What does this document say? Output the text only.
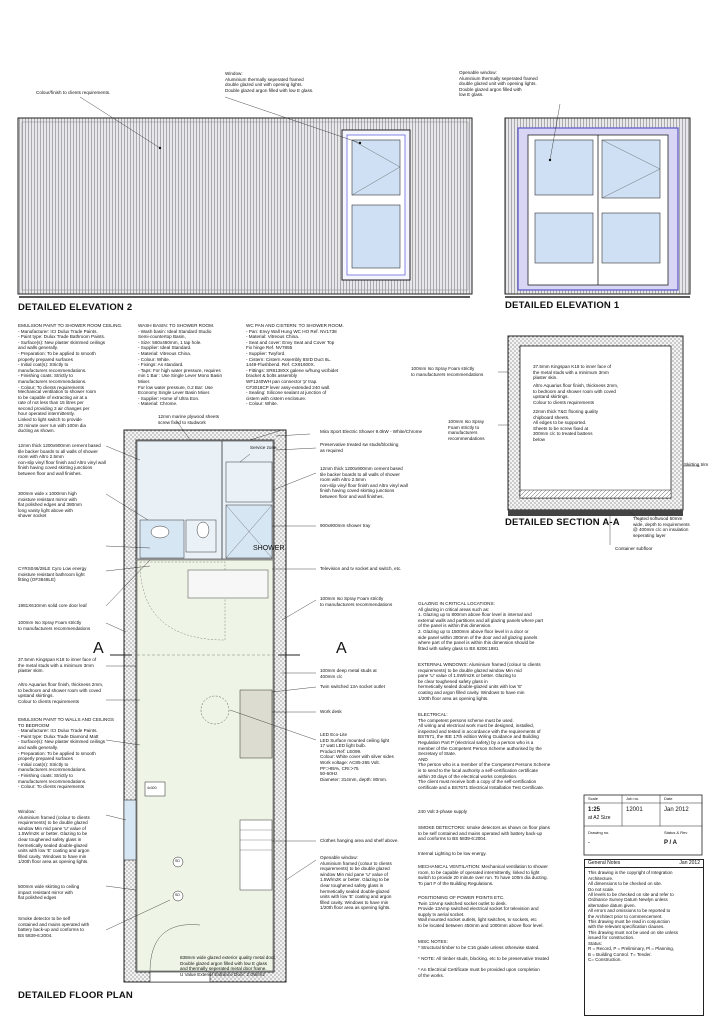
Colour/finish to clients requirements.
Window:
Aluminium thermally seperated framed
double glazed unit with opening lights.
Double glazed argon filled with low E glass.
DETAILED ELEVATION 2
Openable window:
Aluminium thermally seperated framed
double glazed unit with opening lights.
Double glazed argon filled with
low E glass.
DETAILED ELEVATION 1
100mm Iso Spray Foam strictly
to manufacturers recommendations
37.5mm Kingspan K18 to inner face of
the metal studs with a minimum 3mm
plaster skin.
Altro Aquarius floor finish, thickness 2mm,
to bedroom and shower room with coved
upstand skirtings.
Colour to clients requirements
22mm thick T&G flooring quality
chipboard sheets.
All edges to be supported.
Sheets to be screw fixed at
300mm c/c to treated battens
below
100mm Iso Spray
Foam strictly to
manufacturers
recommendations
Skirting trim
Treated softwood 50mm
wide, depth to requirements
@ 400mm c/c on insulation
seperating layer
Container subfloor
DETAILED SECTION A-A
EMULSION PAINT TO SHOWER ROOM CEILING.
- Manufacturer: ICI Dulux Trade Paints.
- Paint type: Dulux Trade Bathroom Paints.
- Surface(s): New plaster skimmed ceilings
and walls generally.
- Preparation: To be applied to smooth
properly prepared surfaces
- Initial coat(s): Strictly to
manufacturers recommendations.
- Finishing coats: Strictly to
manufacturers recommendations.
- Colour: To clients requirements
WASH BASIN: TO SHOWER ROOM.
- Wash basin: Ideal Standard Studio
Semi-countertop Basin,
- Size: 560x460mm, 1 tap hole.
- Supplier: Ideal Standard.
- Material: Vitreous China.
- Colour: White.
- Fixings: As standard.
- Taps: For high water pressure, requires
min 1 Bar : Use Single Lever Mono Basin
Mixer.
For low water pressure, 0.2 Bar: Use
Economy Single Lever Basin Mixer.
- Supplier: Home of Ultra Eon.
- Material: Chrome.
WC PAN AND CISTERN: TO SHOWER ROOM.
- Pan: Envy Wall Hung WC HO Ref. NV1738
- Material: Vitreous China.
- Seat and cover: Envy Seat and Cover Top
Fix hinge Ref. NV7855
- Supplier: Twyford.
- Cistern: Cistern Assembly 8SID Duct 6L.
1449-Flushbend. Ref. CX91600X.
- Fittings: SR8138XX galene w/hung wc/bidet
bracket & bolts assembly
WF1240WH pan connector 'p' trap.
CF3018CP lever assy-extended 240 wall.
- Sealing: Silicone sealant at junction of
cistern with cistern enclosure.
- Colour: White.
Mechanical ventilation to shower room
to be capable of extracting air at a
rate of not less than 15 litres per
second providing 3 air changes per
hour operated intermittently.
Linked to light switch to provide
20 minute over run with 100m dia
ducting as shown.
12mm thick 1200x900mm cement based
tile backer boards to all walls of shower
room with Altro 2.5mm
non-slip vinyl floor finish and Altro vinyl wall
finish having coved skirting junctions
between floor and wall finishes.
300mm wide x 1000mm high
moisture resistant mirror with
flat polished edges and 380mm
long vanity light above with
shaver socket
CYRS046/28LE Cyro Low energy
moisture resistant bathroom light
fitting (OF3848LE)
1981X610mm solid core door leaf
100mm Iso Spray Foam strictly
to manufacturers recommendations
37.5mm Kingspan K18 to inner face of
the metal studs with a minimum 3mm
plaster skim.
Altro Aquarius floor finish, thickness 2mm,
to bedroom and shower room with coved
upstand skirtings.
Colour to clients requirements
EMULSION PAINT TO WALLS AND CEILINGS
TO BEDROOM
- Manufacturer: ICI Dulux Trade Paints.
- Paint type: Dulux Trade Diamond Matt
- Surface(s): New plaster skimmed ceilings
and walls generally.
- Preparation: To be applied to smooth
properly prepared surfaces
- Initial coat(s): Strictly to
manufacturers recommendations.
- Finishing coats: Strictly to
manufacturers recommendations.
- Colour: To clients requirements
Window:
Aluminium framed (colour to clients
requirements) to be double glazed
window Min mid pane 'U' value of
1.5W/m2K or better. Glazing to be
clear toughened safety glass in
hermetically sealed double-glazed
units with low 'E' coating and argon
filled cavity. Windows to have min
1/20th floor area as opening lights.
500mm wide skirting to ceiling
impact resistant mirror with
flat polished edges
Smoke detector to be self
contained and mains operated with
battery back-up and conforms to
BS 5839-6:2004.
A	A
SHOWER
SD
SD
4x300
Mira Sport Electric Shower 9.0kW - White/Chrome
12mm marine plywood sheets
screw fixed to studwork
Service zone
Preservative treated sw studs/blocking
as required
12mm thick 1200x900mm cement based
tile backer boards to all walls of shower
room with Altro 2.5mm
non-slip vinyl floor finish and Altro vinyl wall
finish having coved skirting junctions
between floor and wall finishes.
900x900mm shower tray
Television and tv socket and switch, etc.
100mm Iso Spray Foam strictly
to manufacturers recommendations
100mm deep metal studs at
400mm c/c
Twin switched 13A socket outlet
Work desk
LED Eco-Lite
LED Surface mounted ceiling light
17 watt LED light bulb.
Product Ref: LE099.
Colour: White cover with silver sides
Work voltage: AC85-265 Volt.
PF:>85%, CRI:>75
50-60Hz
Diameter: 314mm, depth: 80mm.
Clothes hanging area and shelf above.
Openable window:
Aluminium framed (colour to clients
requirements) to be double glazed
window Min mid pane 'U' value of
1.5W/m2K or better. Glazing to be
clear toughened safety glass in
hermetically sealed double-glazed
units with low 'E' coating and argon
filled cavity. Windows to have min
1/20th floor area as opening lights.
838mm wide glazed exterior quality metal door.
Double glazed argon filled with low E glass
and thermally seperated metal door frame.
U Value Exterior Entrance Door: 2.0W/m2
DETAILED FLOOR PLAN
GLAZING IN CRITICAL LOCATIONS:
All glazing in critical areas such as:
1. Glazing up to 800mm above floor level in internal and
external walls and partitions and all glazing panels where part
of the panel is within this dimension.
2. Glazing up to 1500mm above floor level in a door or
side panel within 300mm of the door and all glazing panels
where part of the panel is within this dimension should be
fitted with safety glass to BS 6206:1981
EXTERNAL WINDOWS: Aluminium framed (colour to clients
requirements) to be double glazed window Min mid
pane 'U' value of 1.5W/m2K or better. Glazing to
be clear toughened safety glass in
hermetically sealed double-glazed units with low 'E'
coating and argon filled cavity. Windows to have min
1/20th floor area as opening lights.
ELECTRICAL:
The competent persons scheme must be used.
All wiring and electrical work must be designed, installed,
inspected and tested in accordance with the requirements of
BS7671, the IEE 17th edition Wiring Guidance and Building
Regulation Part P (electrical safety) by a person who is a
member of the Competent Person Scheme authorised by the
Secretary of State.
AND
The person who is a member of the Competent Persons Scheme
is to send to the local authority a self-certification certificate
within 30 days of the electrical works completion.
The client must receive both a copy of the self-certification
certificate and a BS7671 Electrical Installation Test Certificate.
240 Volt 3-phase supply
SMOKE DETECTORS: smoke detectors as shown on floor plans
to be self contained and mains operated with battery back-up
and conforms to BS 5839-6:2004.
Internal Lighting to be low energy.
MECHANICAL VENTILATION: Mechanical ventilation to shower
room, to be capable of operated intermittently, linked to light
switch to provide 20 minute over run. To have 100m dia ducting.
To part F of the Building Regulations.
POSITIONING OF POWER POINTS ETC.
Twin 13Amp switched socket outlet to desk.
Provide 13Amp switched electrical socket for television and
supply tv aerial socket.
Wall mounted socket outlets, light switches, tv sockets, etc
to be located between 450mm and 1000mm above floor level.
MISC NOTES:
* Structural timber to be C16 grade unless otherwise stated.

* NOTE: All timber studs, blocking, etc to be preservative treated

* An Electrical Certificate must be provided upon completion
of the works.
Scale	Job no.	Date
1:25
at A2 Size
12001	Jan 2012
Drawing no.	Status & Rev
-	P / A
General Notes	Jan 2012
This drawing is the copyright of Integration
Architecture.
All dimensions to be checked on site.
Do not scale.
All levels to be checked on site and refer to
Ordnance Survey Datum Newlyn unless
alternative datum given.
All errors and omissions to be reported to
the Architect prior to commencement.
This drawing must be read in conjunction
with the relevant specification clauses.
This drawing must not be used on site unless
issued for construction.
Status:
R = Record, P = Preliminary, Pl = Planning,
B = Building Control. T= Tender.
C= Construction.
